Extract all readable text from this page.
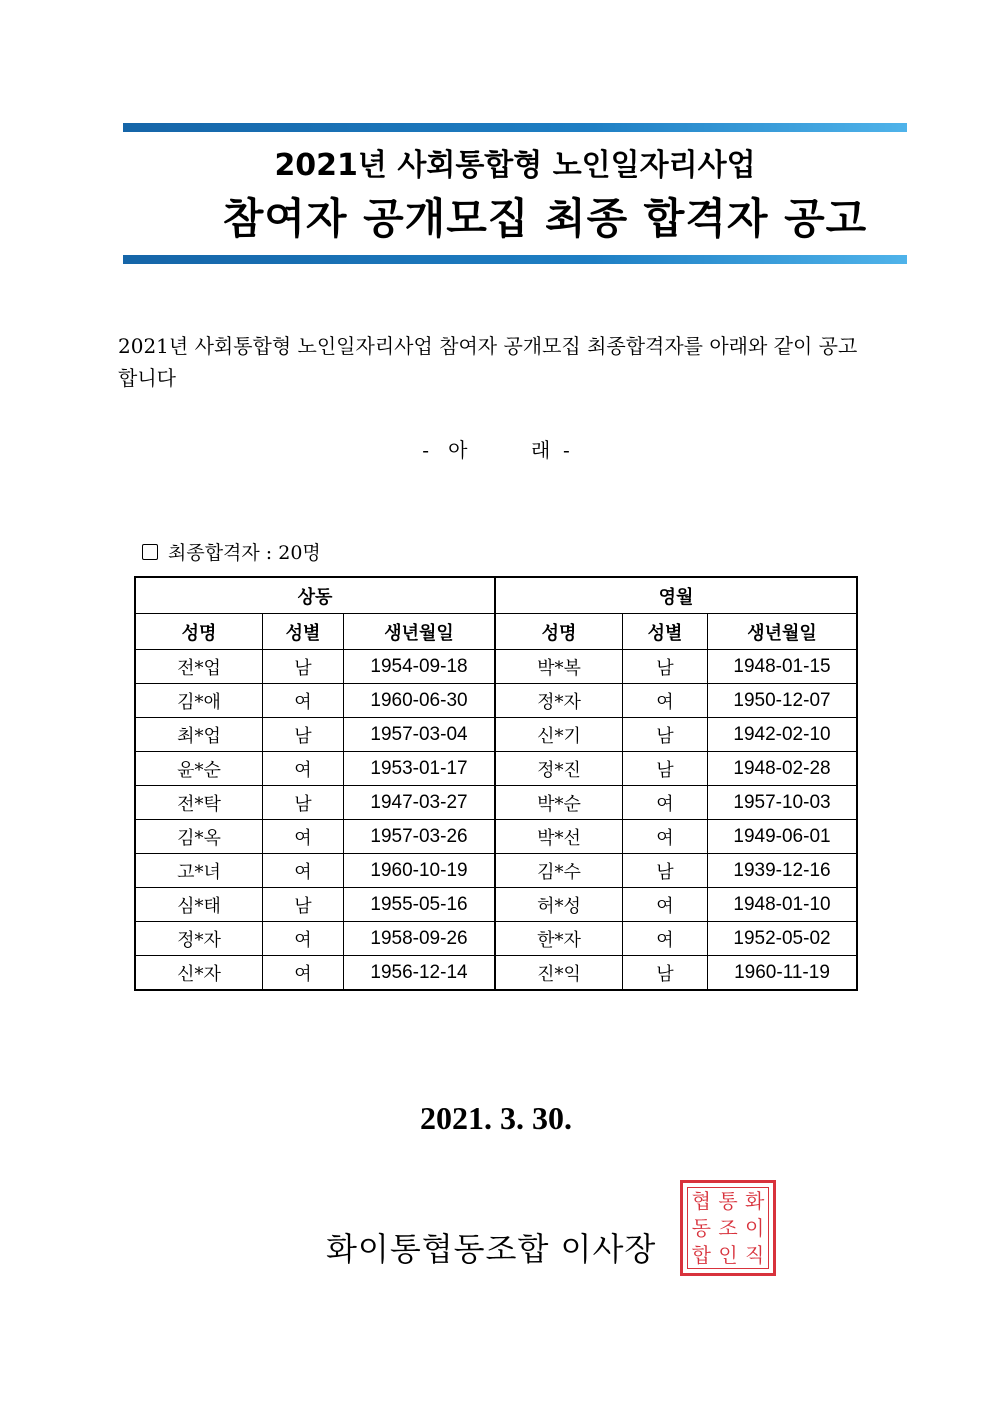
2021년 사회통합형 노인일자리사업
참여자 공개모집 최종 합격자 공고
2021년 사회통합형 노인일자리사업 참여자 공개모집 최종합격자를 아래와 같이 공고 합니다
-   아          래  -
최종합격자 : 20명
상동			영월		
성명	성별	생년월일	성명	성별	생년월일
전*업	남	1954-09-18	박*복	남	1948-01-15
김*애	여	1960-06-30	정*자	여	1950-12-07
최*업	남	1957-03-04	신*기	남	1942-02-10
윤*순	여	1953-01-17	정*진	남	1948-02-28
전*탁	남	1947-03-27	박*순	여	1957-10-03
김*옥	여	1957-03-26	박*선	여	1949-06-01
고*녀	여	1960-10-19	김*수	남	1939-12-16
심*태	남	1955-05-16	허*성	여	1948-01-10
정*자	여	1958-09-26	한*자	여	1952-05-02
신*자	여	1956-12-14	진*익	남	1960-11-19
2021. 3. 30.
화이통협동조합 이사장
협 통 화
동 조 이
합 인 직
